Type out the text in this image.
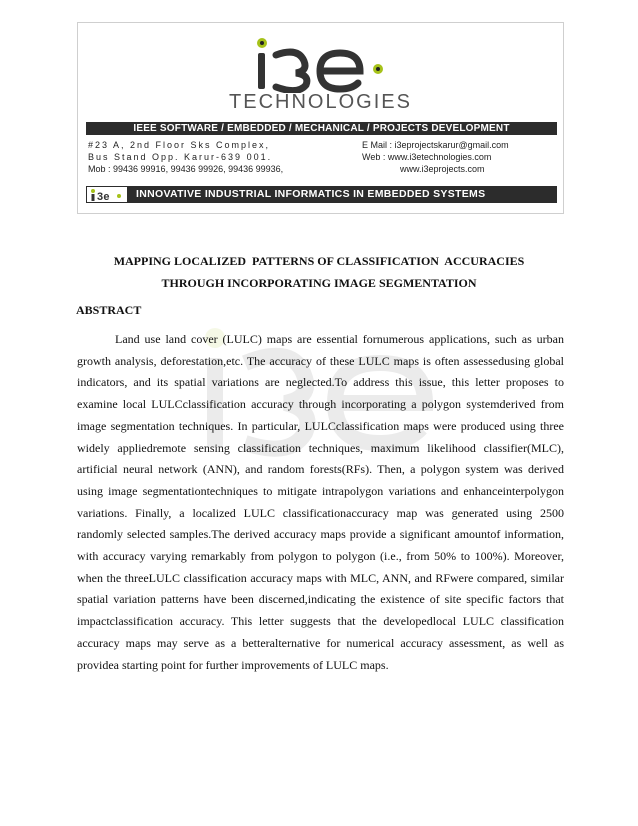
TECHNOLOGIES
IEEE SOFTWARE / EMBEDDED / MECHANICAL / PROJECTS DEVELOPMENT
#23 A, 2nd Floor Sks Complex,
Bus Stand Opp. Karur-639 001.
Mob : 99436 99916, 99436 99926, 99436 99936,
E Mail : i3eprojectskarur@gmail.com
Web : www.i3etechnologies.com
www.i3eprojects.com
3e INNOVATIVE INDUSTRIAL INFORMATICS IN EMBEDDED SYSTEMS
MAPPING LOCALIZED  PATTERNS OF CLASSIFICATION  ACCURACIES
THROUGH INCORPORATING IMAGE SEGMENTATION
ABSTRACT

Land use land cover (LULC) maps are essential fornumerous applications, such as urban growth analysis, deforestation,etc. The accuracy of these LULC maps is often assessedusing global indicators, and its spatial variations are neglected.To address this issue, this letter proposes to examine local LULCclassification accuracy through incorporating a polygon systemderived from image segmentation techniques. In particular, LULCclassification maps were produced using three widely appliedremote sensing classification techniques, maximum likelihood classifier(MLC), artificial neural network (ANN), and random forests(RFs). Then, a polygon system was derived using image segmentationtechniques to mitigate intrapolygon variations and enhanceinterpolygon variations. Finally, a localized LULC classificationaccuracy map was generated using 2500 randomly selected samples.The derived accuracy maps provide a significant amountof information, with accuracy varying remarkably from polygon to polygon (i.e., from 50% to 100%). Moreover, when the threeLULC classification accuracy maps with MLC, ANN, and RFwere compared, similar spatial variation patterns have been discerned,indicating the existence of site specific factors that impactclassification accuracy. This letter suggests that the developedlocal LULC classification accuracy maps may serve as a betteralternative for numerical accuracy assessment, as well as providea starting point for further improvements of LULC maps.
